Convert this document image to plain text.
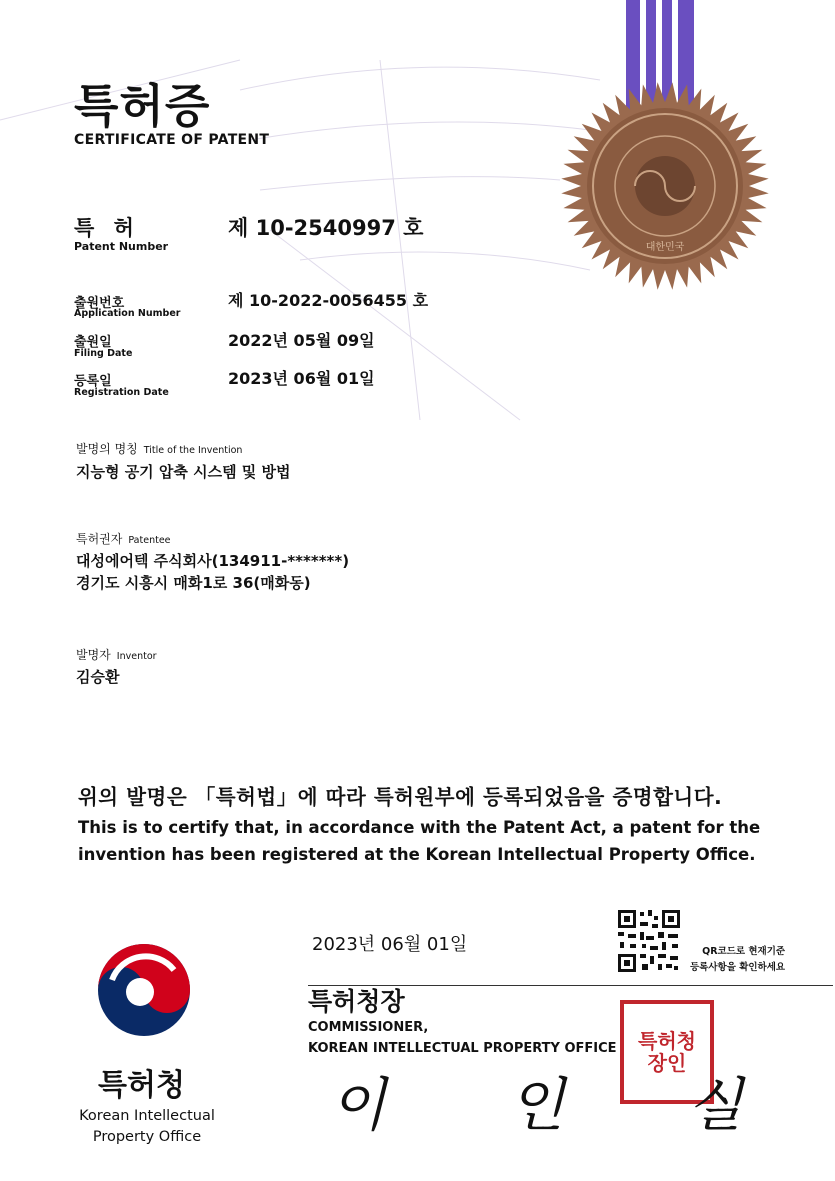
대한민국
특허증
CERTIFICATE OF PATENT
특 허
Patent Number
제 10-2540997 호
출원번호
Application Number
제 10-2022-0056455 호
출원일
Filing Date
2022년 05월 09일
등록일
Registration Date
2023년 06월 01일
발명의 명칭 Title of the Invention
지능형 공기 압축 시스템 및 방법
특허권자 Patentee
대성에어텍 주식회사(134911-*******)
경기도 시흥시 매화1로 36(매화동)
발명자 Inventor
김승환
위의 발명은 「특허법」에 따라 특허원부에 등록되었음을 증명합니다.
This is to certify that, in accordance with the Patent Act, a patent for the
invention has been registered at the Korean Intellectual Property Office.
2023년 06월 01일	QR코드로 현재기준
등록사항을 확인하세요
특허청장
COMMISSIONER,
KOREAN INTELLECTUAL PROPERTY OFFICE 특허청장인
이 인 실
특허청
Korean Intellectual
Property Office
